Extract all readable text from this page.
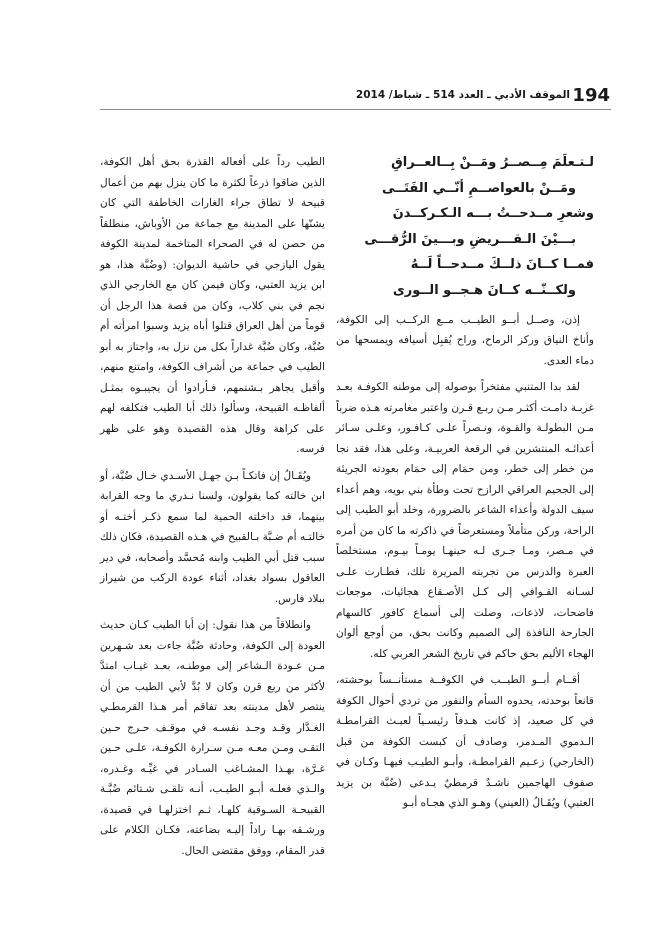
194
الموقف الأدبي ـ العدد 514 ـ شباط/ 2014
لـتـعلَمَ مِــصــرُ ومَــنْ بِــالعــراقِ
ومَــنْ بالعواصــمِ أنّــي الفَتَــى
وشعرِ مــدحــتُ بـــه الـكـركــدنَ
بـــيْنَ الـقـــريضِ وبـــينَ الرُّقـــى
فمــا كــانَ ذلــكَ مــدحــاً لَــهُ
ولكــنّــه كــانَ هـجــو الــورى

إذن، وصــل أبــو الطيــب مــع الركــب إلى الكوفة، وأناخ النياق وركز الرماح، وراح يُقبِل أسيافه ويمسحها من دماء العدى.

لقد بدا المتنبي مفتخراً بوصوله إلى موطنه الكوفـة بعـد غربـة دامـت أكثـر مـن ربـع قـرن واعتبر مغامرته هـذه ضرباً مـن البطولـة والقـوة، ونـصراً علـى كـافـور، وعلـى سـائر أعدائـه المنتشرين في الرقعة العربيـة، وعلى هذا، فقد نجا من خطر إلى خطر، ومن حمَام إلى حمَام بعودته الجريئة إلى الجحيم العراقي الرازح تحت وطأة بني بويه، وهم أعداء سيف الدولة وأعداء الشاعر بالضرورة، وخلد أبو الطيب إلى الراحة، وركن متأملاً ومستعرضاً في ذاكرته ما كان من أمره في مـصر، ومـا جـرى لـه حينهـا يومـاً بيـوم، مستخلصاً العبرة والدرس من تجربته المريرة تلك، فطـارت علـى لسـانه القـوافي إلى كـل الأصـقاع هجائيات، موجعات فاضحات، لاذعات، وصلت إلى أسماع كافور كالسهام الجارحة النافذة إلى الصميم وكانت بحق، من أوجع ألوان الهجاء الأليم بحق حاكم في تاريخ الشعر العربي كله.

أقــام أبــو الطيــب في الكوفــة مستأنــساً بوحشته، قانعاً بوحدته، يحدوه السأم والنفور من تردي أحوال الكوفة في كل صعيد، إذ كانت هـدفاً رئيسـياً لعبـث القرامطـة الـدموي المـدمر، وصادف أن كبست الكوفة من قبل (الخارجي) زعـيم القرامطـة، وأبـو الطيـب فيهـا وكـان في صفوف الهاجمين ناشـدٌ قرمطيٌ يـدعى (ضُبَّة بن يزيد العتبي) ويُقَـالُ (العيني) وهـو الذي هجـاه أبـو

الطيب رداً على أفعاله القذرة بحق أهل الكوفة، الذين ضاقوا ذرعاً لكثرة ما كان ينزل بهم من أعمال قبيحة لا تطاق جراء الغارات الخاطفة التي كان يشنّها على المدينة مع جماعة من الأوباش، منطلقاً من حصن له في الصحراء المتاخمة لمدينة الكوفة يقول اليازجي في حاشية الديوان: (وضُبَّة هذا، هو ابن يزيد العتبي، وكان فيمن كان مع الخارجي الذي نجم في بني كلاب، وكان من قصة هذا الرجل أن قوماً من أهل العراق قتلوا أباه يزيد وسبوا امرأته أم ضُبَّة، وكان ضُبَّة غداراً بكل من نزل به، واجتاز به أبو الطيب في جماعة من أشراف الكوفة، وامتنع منهم، وأقبل يجاهر بـشتمهم، فـأرادوا أن يجيبـوه بمثـل ألفاظـه القبيحة، وسألوا ذلك أبا الطيب فتكلفه لهم على كراهة وقال هذه القصيدة وهو على ظهر فرسه.

ويُقَـالُ إن فاتكـاً بـن جهـل الأسـدي خـال ضُبَّة، أو ابن خالته كما يقولون، ولسنا نـدري ما وجه القرابة بينهما، قد داخلته الحمية لما سمع ذكـر أختـه أو خالتـه أم ضـبَّة بـالقبيح في هـذه القصيدة، فكان ذلك سبب قتل أبي الطيب وابنه مُحسَّد وأصحابه، في دير العاقول بسواد بغداد، أثناء عودة الركب من شيراز ببلاد فارس.

وانطلاقاً من هذا نقول: إن أبا الطيب كـان حديث العودة إلى الكوفة، وحادثة ضُبَّة جاءت بعد شـهرين مـن عـودة الـشاعر إلى موطنـه، بعـد غيـاب امتدَّ لأكثر من ربع قرن وكان لا بُدَّ لأبي الطيب من أن ينتصر لأهل مدينته بعد تفاقم أمر هـذا القرمطـي الغـدَّار وقـد وجـد نفسـه في موقـف حـرج حـين التقـى ومـن معـه مـن سـرارة الكوفـة، علـى حـين غـرَّة، بهـذا المشـاغب السـادر في غيِّـه وغـدره، والـذي فعلـه أبـو الطيـب، أنـه تلقـى شـتائم ضُبَّـة القبيحـة السـوقية كلهـا، ثـم اختزلهـا في قصيدة، ورشـقه بهـا راداً إليـه بضاعته، فكـان الكلام على قدر المقام، ووفق مقتضى الحال.
